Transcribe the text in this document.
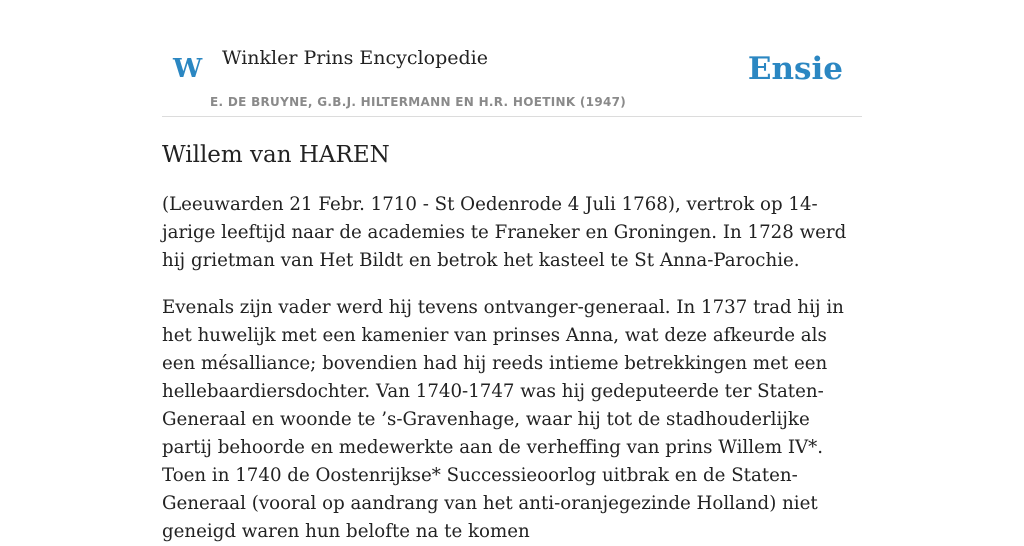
W Winkler Prins Encyclopedie
E. DE BRUYNE, G.B.J. HILTERMANN EN H.R. HOETINK (1947)
Ensie
Willem van HAREN

(Leeuwarden 21 Febr. 1710 - St Oedenrode 4 Juli 1768), vertrok op 14-jarige leeftijd naar de academies te Franeker en Groningen. In 1728 werd hij grietman van Het Bildt en betrok het kasteel te St Anna-Parochie.

Evenals zijn vader werd hij tevens ontvanger-generaal. In 1737 trad hij in het huwelijk met een kamenier van prinses Anna, wat deze afkeurde als een mésalliance; bovendien had hij reeds intieme betrekkingen met een hellebaardiersdochter. Van 1740-1747 was hij gedeputeerde ter Staten-Generaal en woonde te ’s-Gravenhage, waar hij tot de stadhouderlijke partij behoorde en medewerkte aan de verheffing van prins Willem IV*. Toen in 1740 de Oostenrijkse* Successieoorlog uitbrak en de Staten-Generaal (vooral op aandrang van het anti-oranjegezinde Holland) niet geneigd waren hun belofte na te komen
